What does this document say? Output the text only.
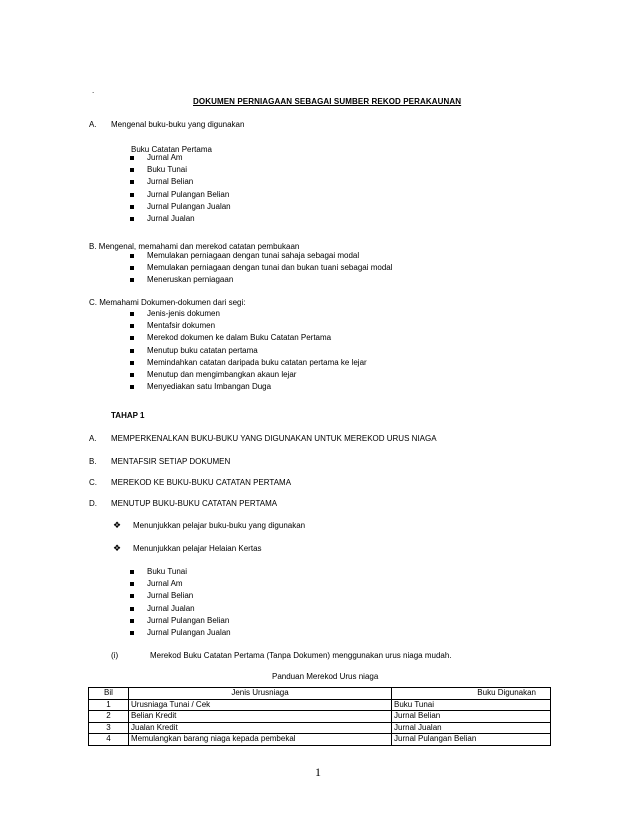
.
DOKUMEN PERNIAGAAN SEBAGAI SUMBER REKOD PERAKAUNAN
A. Mengenal buku-buku yang digunakan
Buku Catatan Pertama
Jurnal Am
Buku Tunai
Jurnal Belian
Jurnal Pulangan Belian
Jurnal Pulangan Jualan
Jurnal Jualan
B. Mengenal, memahami dan merekod catatan pembukaan
Memulakan perniagaan dengan tunai sahaja sebagai modal
Memulakan perniagaan dengan tunai dan bukan tuani sebagai modal
Meneruskan perniagaan
C. Memahami Dokumen-dokumen dari segi:
Jenis-jenis dokumen
Mentafsir dokumen
Merekod dokumen ke dalam Buku Catatan Pertama
Menutup buku catatan pertama
Memindahkan catatan daripada buku catatan pertama ke lejar
Menutup dan mengimbangkan akaun lejar
Menyediakan satu Imbangan Duga
TAHAP 1
A. MEMPERKENALKAN BUKU-BUKU YANG DIGUNAKAN UNTUK MEREKOD URUS NIAGA
B. MENTAFSIR SETIAP DOKUMEN
C. MEREKOD KE BUKU-BUKU CATATAN PERTAMA
D. MENUTUP BUKU-BUKU CATATAN PERTAMA
❖ Menunjukkan pelajar buku-buku yang digunakan
❖ Menunjukkan pelajar Helaian Kertas
Buku Tunai
Jurnal Am
Jurnal Belian
Jurnal Jualan
Jurnal Pulangan Belian
Jurnal Pulangan Jualan
(i)	Merekod Buku Catatan Pertama (Tanpa Dokumen) menggunakan urus niaga mudah.
Panduan Merekod Urus niaga
Bil	Jenis Urusniaga	Buku Digunakan
1	Urusniaga Tunai / Cek	Buku Tunai
2	Belian Kredit	Jurnal Belian
3	Jualan Kredit	Jurnal Jualan
4	Memulangkan barang niaga kepada pembekal	Jurnal Pulangan Belian
1
